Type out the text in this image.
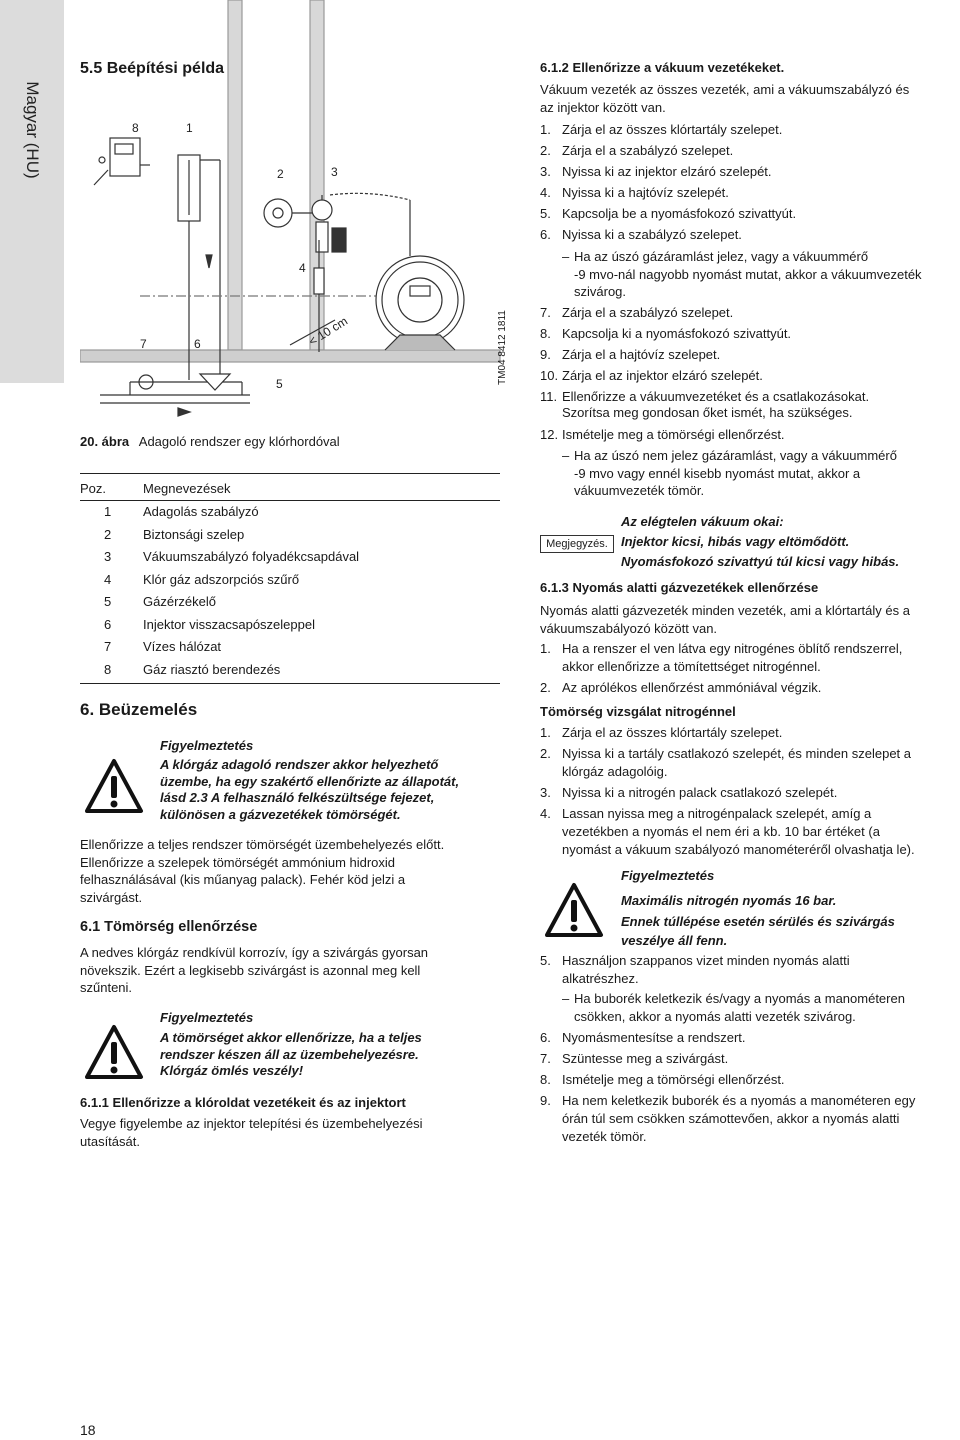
Magyar (HU)
5.5 Beépítési példa
8	1
2	3
4
5
6
7	< 10 cm	TM04 8412 1811
20. ábra Adagoló rendszer egy klórhordóval
Poz.	Megnevezések
1	Adagolás szabályzó
2	Biztonsági szelep
3	Vákuumszabályzó folyadékcsapdával
4	Klór gáz adszorpciós szűrő
5	Gázérzékelő
6	Injektor visszacsapószeleppel
7	Vízes hálózat
8	Gáz riasztó berendezés
6. Beüzemelés
Figyelmeztetés
A klórgáz adagoló rendszer akkor helyezhető
üzembe, ha egy szakértő ellenőrizte az állapotát,
lásd 2.3 A felhasználó felkészültsége fejezet,
különösen a gázvezetékek tömörségét.
Ellenőrizze a teljes rendszer tömörségét üzembehelyezés előtt.
Ellenőrizze a szelepek tömörségét ammónium hidroxid
felhasználásával (kis műanyag palack). Fehér köd jelzi a
szivárgást.
6.1 Tömörség ellenőrzése
A nedves klórgáz rendkívül korrozív, így a szivárgás gyorsan
növekszik. Ezért a legkisebb szivárgást is azonnal meg kell
szűnteni.
Figyelmeztetés
A tömörséget akkor ellenőrizze, ha a teljes
rendszer készen áll az üzembehelyezésre.
Klórgáz ömlés veszély!
6.1.1 Ellenőrizze a klóroldat vezetékeit és az injektort
Vegye figyelembe az injektor telepítési és üzembehelyezési
utasítását.
18
6.1.2 Ellenőrizze a vákuum vezetékeket.
Vákuum vezeték az összes vezeték, ami a vákuumszabályzó és
az injektor között van.
1. Zárja el az összes klórtartály szelepet.
2. Zárja el a szabályzó szelepet.
3. Nyissa ki az injektor elzáró szelepét.
4. Nyissa ki a hajtóvíz szelepét.
5. Kapcsolja be a nyomásfokozó szivattyút.
6. Nyissa ki a szabályzó szelepet.
– Ha az úszó gázáramlást jelez, vagy a vákuummérő
-9 mvo-nál nagyobb nyomást mutat, akkor a vákuumvezeték
szivárog.
7. Zárja el a szabályzó szelepet.
8. Kapcsolja ki a nyomásfokozó szivattyút.
9. Zárja el a hajtóvíz szelepet.
10. Zárja el az injektor elzáró szelepét.
11. Ellenőrizze a vákuumvezetéket és a csatlakozásokat.
Szorítsa meg gondosan őket ismét, ha szükséges.
12. Ismételje meg a tömörségi ellenőrzést.
– Ha az úszó nem jelez gázáramlást, vagy a vákuummérő
-9 mvo vagy ennél kisebb nyomást mutat, akkor a
vákuumvezeték tömör.
Megjegyzés.
Az elégtelen vákuum okai:
Injektor kicsi, hibás vagy eltömődött.
Nyomásfokozó szivattyú túl kicsi vagy hibás.
6.1.3 Nyomás alatti gázvezetékek ellenőrzése
Nyomás alatti gázvezeték minden vezeték, ami a klórtartály és a
vákuumszabályozó között van.
1. Ha a renszer el ven látva egy nitrogénes öblítő rendszerrel,
akkor ellenőrizze a tömítettséget nitrogénnel.
2. Az aprólékos ellenőrzést ammóniával végzik.
Tömörség vizsgálat nitrogénnel
1. Zárja el az összes klórtartály szelepet.
2. Nyissa ki a tartály csatlakozó szelepét, és minden szelepet a
klórgáz adagolóig.
3. Nyissa ki a nitrogén palack csatlakozó szelepét.
4. Lassan nyissa meg a nitrogénpalack szelepét, amíg a
vezetékben a nyomás el nem éri a kb. 10 bar értéket (a
nyomást a vákuum szabályozó manométeréről olvashatja le).
Figyelmeztetés
Maximális nitrogén nyomás 16 bar.
Ennek túllépése esetén sérülés és szivárgás
veszélye áll fenn.
5. Használjon szappanos vizet minden nyomás alatti
alkatrészhez.
– Ha buborék keletkezik és/vagy a nyomás a manométeren
csökken, akkor a nyomás alatti vezeték szivárog.
6. Nyomásmentesítse a rendszert.
7. Szüntesse meg a szivárgást.
8. Ismételje meg a tömörségi ellenőrzést.
9. Ha nem keletkezik buborék és a nyomás a manométeren egy
órán túl sem csökken számottevően, akkor a nyomás alatti
vezeték tömör.
